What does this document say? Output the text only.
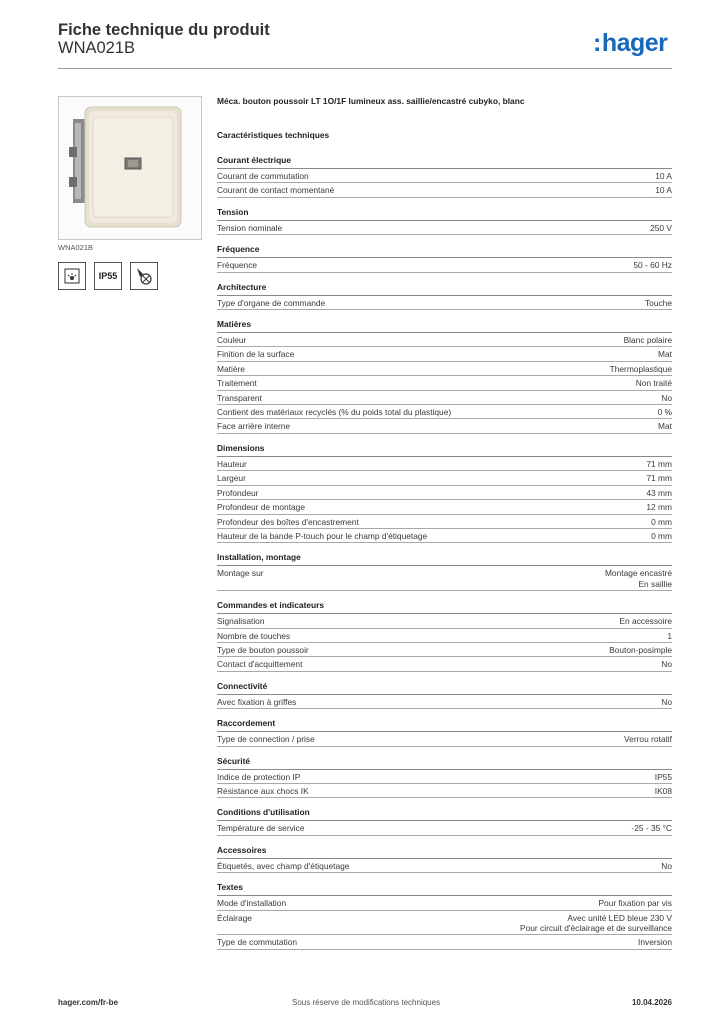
Fiche technique du produit
WNA021B	:hager
WNA021B
IP55
Méca. bouton poussoir LT 1O/1F lumineux ass. saillie/encastré cubyko, blanc
Caractéristiques techniques
Courant électrique
Courant de commutation	10 A
Courant de contact momentané	10 A
Tension
Tension nominale	250 V
Fréquence
Fréquence	50 - 60 Hz
Architecture
Type d'organe de commande	Touche
Matières
Couleur	Blanc polaire
Finition de la surface	Mat
Matière	Thermoplastique
Traitement	Non traité
Transparent	No
Contient des matériaux recyclés (% du poids total du plastique)	0 %
Face arrière interne	Mat
Dimensions
Hauteur	71 mm
Largeur	71 mm
Profondeur	43 mm
Profondeur de montage	12 mm
Profondeur des boîtes d'encastrement	0 mm
Hauteur de la bande P-touch pour le champ d'étiquetage	0 mm
Installation, montage
Montage sur	Montage encastré
En saillie
Commandes et indicateurs
Signalisation	En accessoire
Nombre de touches	1
Type de bouton poussoir	Bouton-posimple
Contact d'acquittement	No
Connectivité
Avec fixation à griffes	No
Raccordement
Type de connection / prise	Verrou rotatif
Sécurité
Indice de protection IP	IP55
Résistance aux chocs IK	IK08
Conditions d'utilisation
Température de service	-25 - 35 °C
Accessoires
Étiquetés, avec champ d'étiquetage	No
Textes
Mode d'installation	Pour fixation par vis
Éclairage	Avec unité LED bleue 230 V
Pour circuit d'éclairage et de surveillance
Type de commutation	Inversion
hager.com/fr-be	Sous réserve de modifications techniques	10.04.2026
